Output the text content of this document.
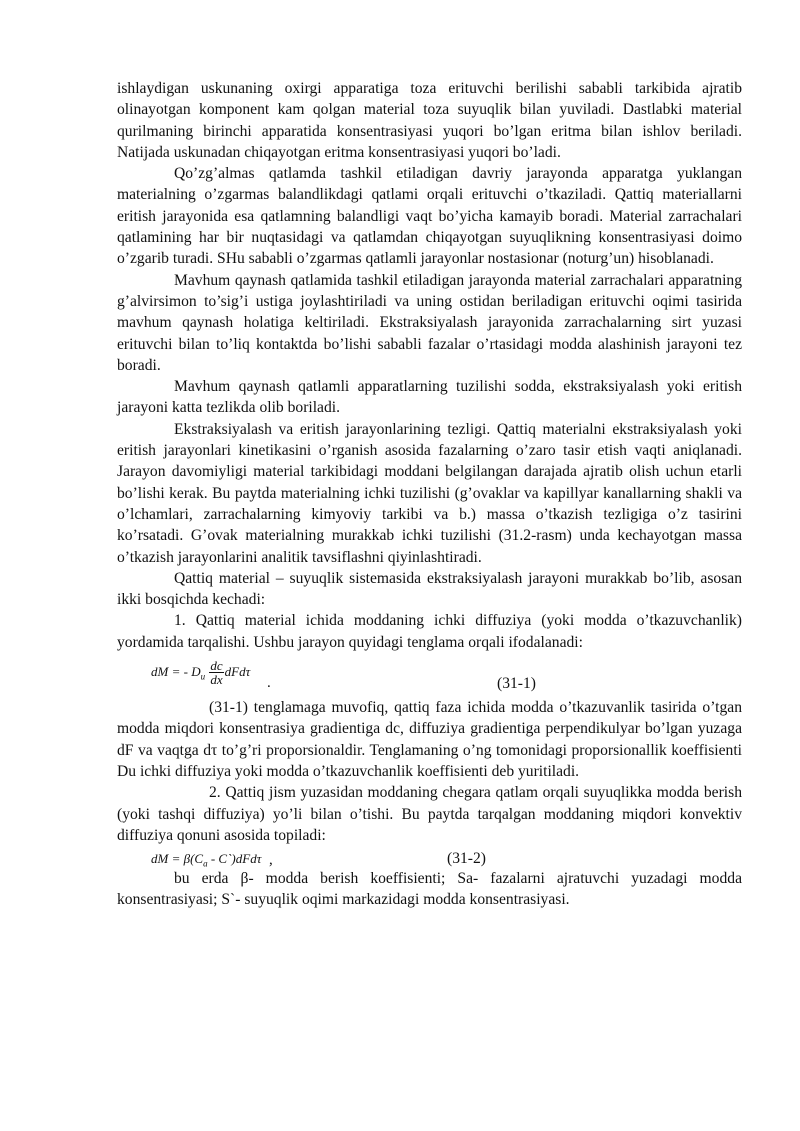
ishlaydigan uskunaning oxirgi apparatiga toza erituvchi berilishi sababli tarkibida ajratib olinayotgan komponent kam qolgan material toza suyuqlik bilan yuviladi. Dastlabki material qurilmaning birinchi apparatida konsentrasiyasi yuqori bo’lgan eritma bilan ishlov beriladi. Natijada uskunadan chiqayotgan eritma konsentrasiyasi yuqori bo’ladi.

Qo’zg’almas qatlamda tashkil etiladigan davriy jarayonda apparatga yuklangan materialning o’zgarmas balandlikdagi qatlami orqali erituvchi o’tkaziladi. Qattiq materiallarni eritish jarayonida esa qatlamning balandligi vaqt bo’yicha kamayib boradi. Material zarrachalari qatlamining har bir nuqtasidagi va qatlamdan chiqayotgan suyuqlikning konsentrasiyasi doimo o’zgarib turadi. SHu sababli o’zgarmas qatlamli jarayonlar nostasionar (noturg’un) hisoblanadi.

Mavhum qaynash qatlamida tashkil etiladigan jarayonda material zarrachalari apparatning g’alvirsimon to’sig’i ustiga joylashtiriladi va uning ostidan beriladigan erituvchi oqimi tasirida mavhum qaynash holatiga keltiriladi. Ekstraksiyalash jarayonida zarrachalarning sirt yuzasi erituvchi bilan to’liq kontaktda bo’lishi sababli fazalar o’rtasidagi modda alashinish jarayoni tez boradi.

Mavhum qaynash qatlamli apparatlarning tuzilishi sodda, ekstraksiyalash yoki eritish jarayoni katta tezlikda olib boriladi.

Ekstraksiyalash va eritish jarayonlarining tezligi. Qattiq materialni ekstraksiyalash yoki eritish jarayonlari kinetikasini o’rganish asosida fazalarning o’zaro tasir etish vaqti aniqlanadi. Jarayon davomiyligi material tarkibidagi moddani belgilangan darajada ajratib olish uchun etarli bo’lishi kerak. Bu paytda materialning ichki tuzilishi (g’ovaklar va kapillyar kanallarning shakli va o’lchamlari, zarrachalarning kimyoviy tarkibi va b.) massa o’tkazish tezligiga o’z tasirini ko’rsatadi. G’ovak materialning murakkab ichki tuzilishi (31.2-rasm) unda kechayotgan massa o’tkazish jarayonlarini analitik tavsiflashni qiyinlashtiradi.

Qattiq material – suyuqlik sistemasida ekstraksiyalash jarayoni murakkab bo’lib, asosan ikki bosqichda kechadi:

1. Qattiq material ichida moddaning ichki diffuziya (yoki modda o’tkazuvchanlik) yordamida tarqalishi. Ushbu jarayon quyidagi tenglama orqali ifodalanadi:

dM = - $D_u \frac{dc}{dx}$ dFdτ
.	(31-1)

(31-1) tenglamaga muvofiq, qattiq faza ichida modda o’tkazuvanlik tasirida o’tgan modda miqdori konsentrasiya gradientiga dc, diffuziya gradientiga perpendikulyar bo’lgan yuzaga dF va vaqtga dτ to’g’ri proporsionaldir. Tenglamaning o’ng tomonidagi proporsionallik koeffisienti Du ichki diffuziya yoki modda o’tkazuvchanlik koeffisienti deb yuritiladi.

2. Qattiq jism yuzasidan moddaning chegara qatlam orqali suyuqlikka modda berish (yoki tashqi diffuziya) yo’li bilan o’tishi. Bu paytda tarqalgan moddaning miqdori konvektiv diffuziya qonuni asosida topiladi:

dM = $\beta(C_a$ - C`)dFdτ ,	(31-2)

bu erda β- modda berish koeffisienti; Sa- fazalarni ajratuvchi yuzadagi modda konsentrasiyasi; S`- suyuqlik oqimi markazidagi modda konsentrasiyasi.
